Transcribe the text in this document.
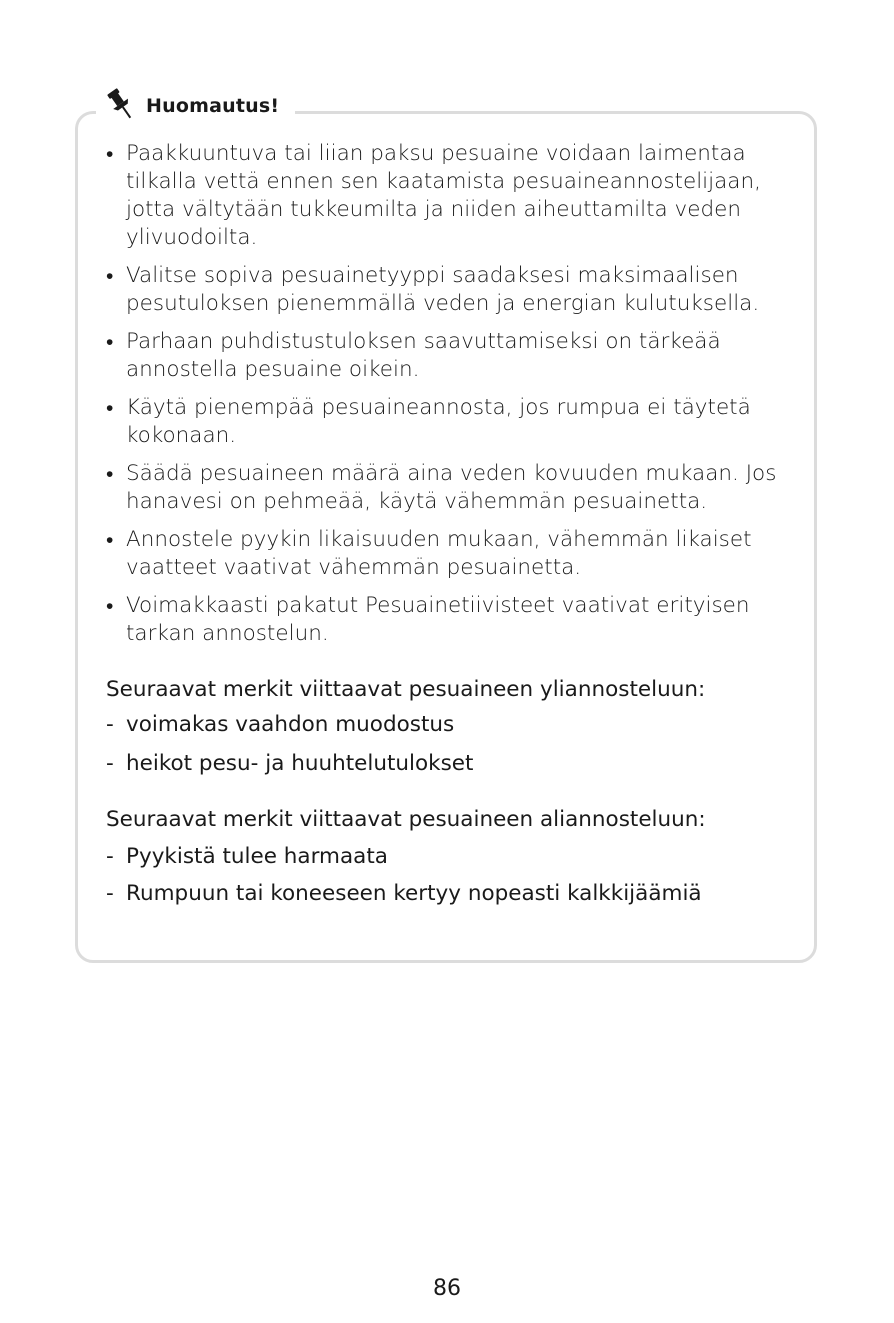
Huomautus!
• Paakkuuntuva tai liian paksu pesuaine voidaan laimentaa tilkalla vettä ennen sen kaatamista pesuaineannostelijaan, jotta vältytään tukkeumilta ja niiden aiheuttamilta veden ylivuodoilta.
• Valitse sopiva pesuainetyyppi saadaksesi maksimaalisen pesutuloksen pienemmällä veden ja energian kulutuksella.
• Parhaan puhdistustuloksen saavuttamiseksi on tärkeää annostella pesuaine oikein.
• Käytä pienempää pesuaineannosta, jos rumpua ei täytetä kokonaan.
• Säädä pesuaineen määrä aina veden kovuuden mukaan. Jos hanavesi on pehmeää, käytä vähemmän pesuainetta.
• Annostele pyykin likaisuuden mukaan, vähemmän likaiset vaatteet vaativat vähemmän pesuainetta.
• Voimakkaasti pakatut Pesuainetiivisteet vaativat erityisen tarkan annostelun.
Seuraavat merkit viittaavat pesuaineen yliannosteluun:
- voimakas vaahdon muodostus
- heikot pesu- ja huuhtelutulokset
Seuraavat merkit viittaavat pesuaineen aliannosteluun:
- Pyykistä tulee harmaata
- Rumpuun tai koneeseen kertyy nopeasti kalkkijäämiä
86
